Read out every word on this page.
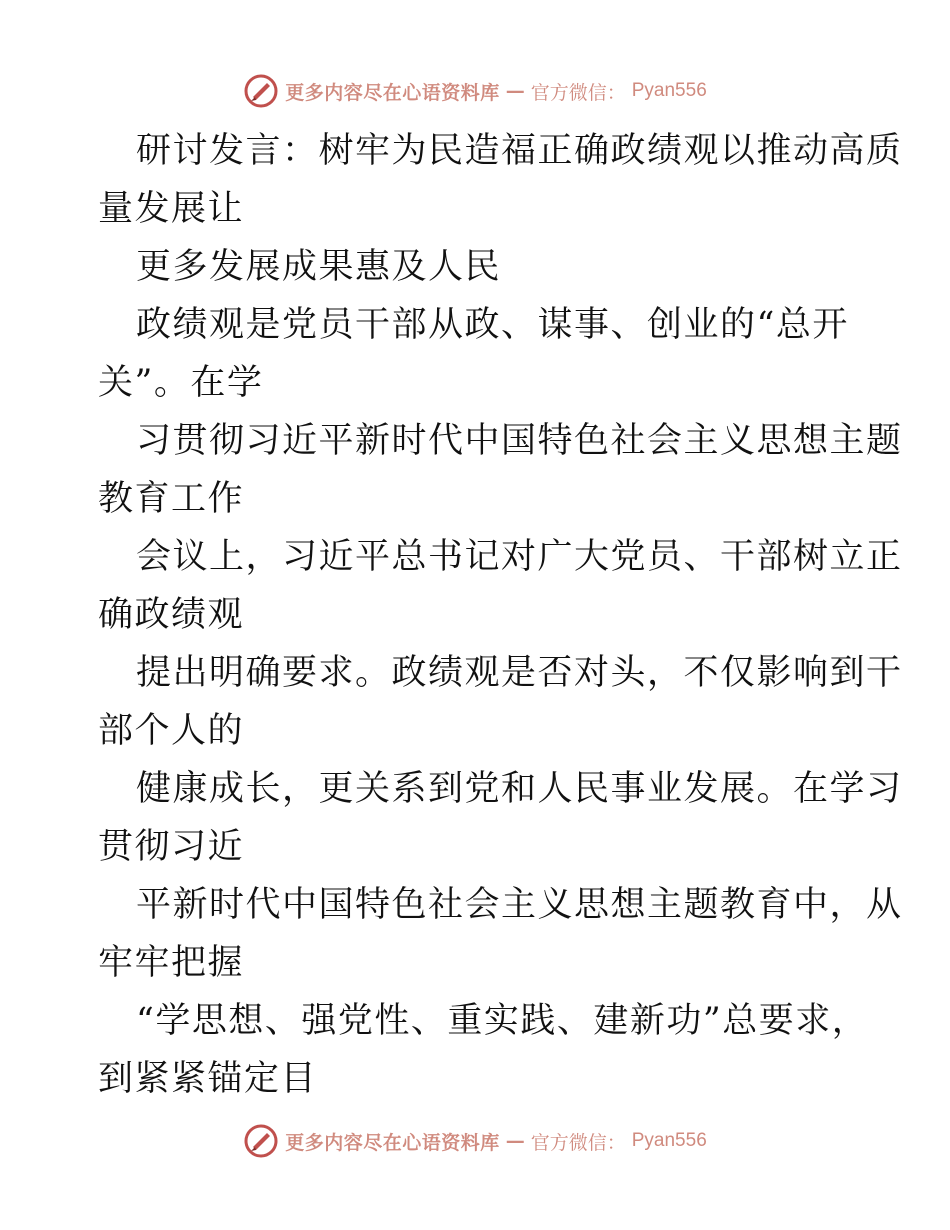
更多内容尽在心语资料库 — 官方微信： Pyan556
研讨发言：树牢为民造福正确政绩观以推动高质
量发展让
更多发展成果惠及人民
政绩观是党员干部从政、谋事、创业的“总开
关”。在学
习贯彻习近平新时代中国特色社会主义思想主题
教育工作
会议上，习近平总书记对广大党员、干部树立正
确政绩观
提出明确要求。政绩观是否对头，不仅影响到干
部个人的
健康成长，更关系到党和人民事业发展。在学习
贯彻习近
平新时代中国特色社会主义思想主题教育中，从
牢牢把握
“学思想、强党性、重实践、建新功”总要求，
到紧紧锚定目
更多内容尽在心语资料库 — 官方微信： Pyan556
